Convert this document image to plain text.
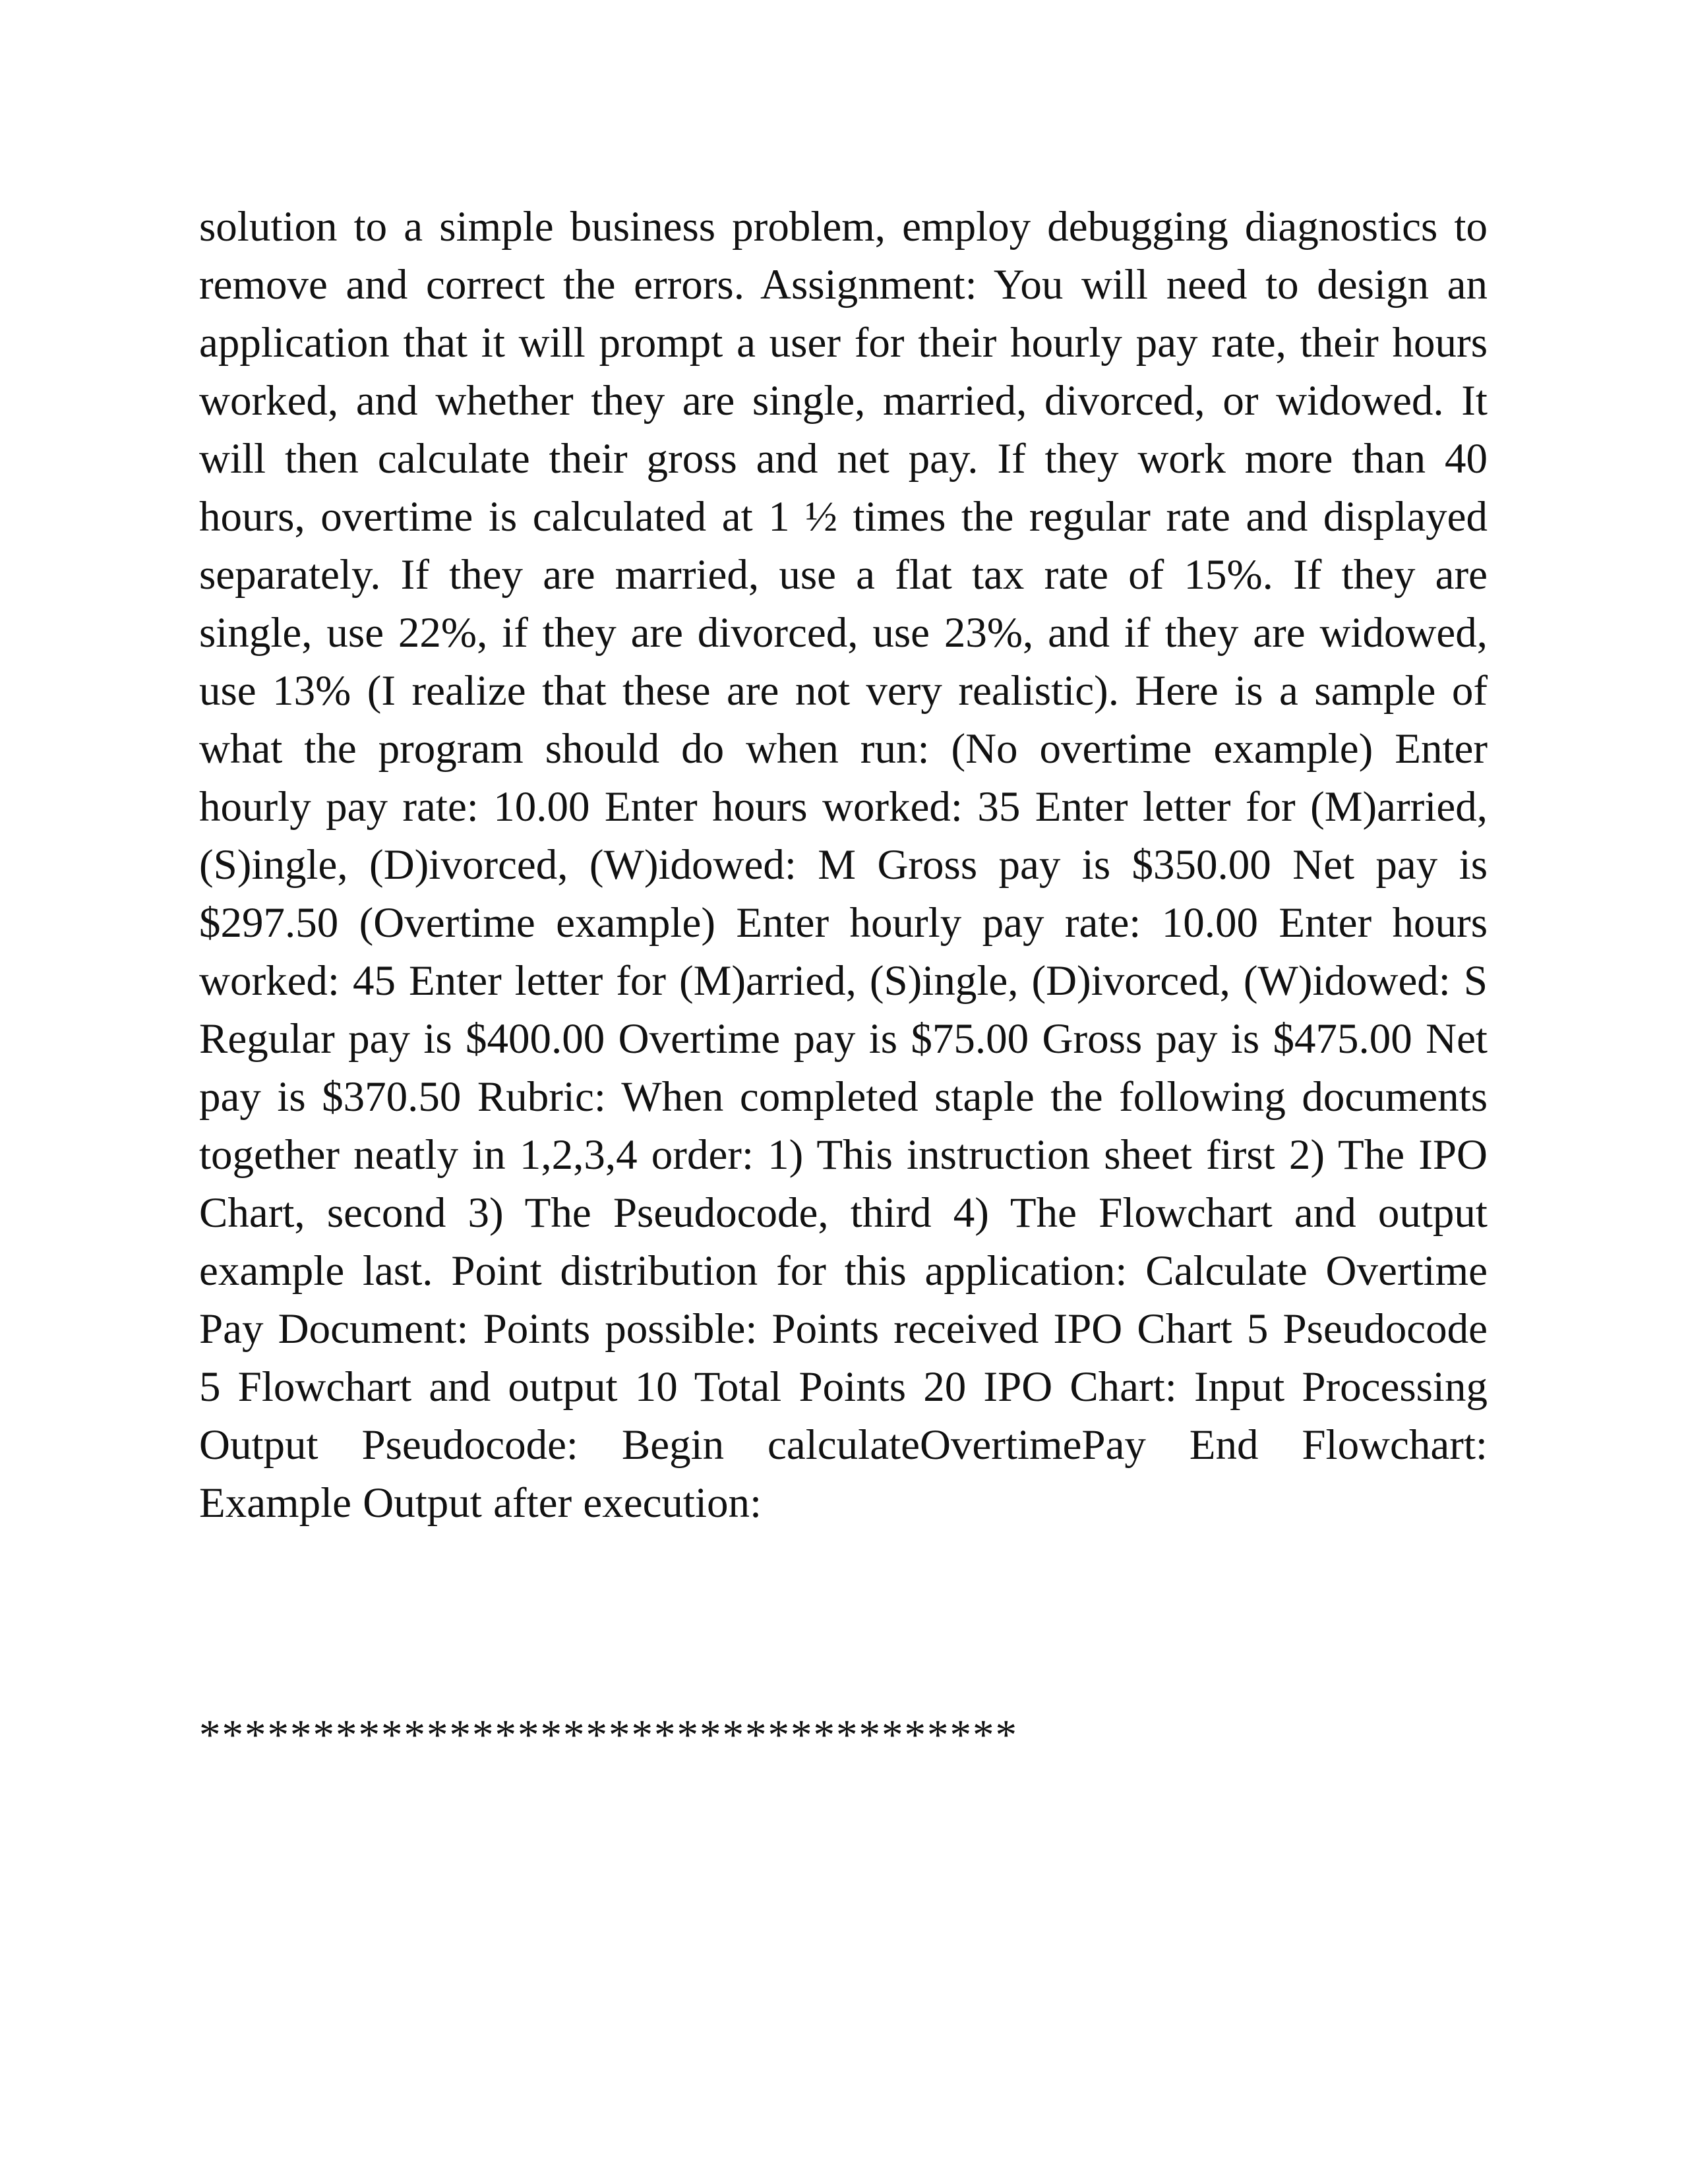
solution to a simple business problem, employ debugging diagnostics to remove and correct the errors. Assignment: You will need to design an application that it will prompt a user for their hourly pay rate, their hours worked, and whether they are single, married, divorced, or widowed. It will then calculate their gross and net pay. If they work more than 40 hours, overtime is calculated at 1 ½ times the regular rate and displayed separately. If they are married, use a flat tax rate of 15%. If they are single, use 22%, if they are divorced, use 23%, and if they are widowed, use 13% (I realize that these are not very realistic). Here is a sample of what the program should do when run: (No overtime example) Enter hourly pay rate: 10.00 Enter hours worked: 35 Enter letter for (M)arried, (S)ingle, (D)ivorced, (W)idowed: M Gross pay is $350.00 Net pay is $297.50 (Overtime example) Enter hourly pay rate: 10.00 Enter hours worked: 45 Enter letter for (M)arried, (S)ingle, (D)ivorced, (W)idowed: S Regular pay is $400.00 Overtime pay is $75.00 Gross pay is $475.00 Net pay is $370.50 Rubric: When completed staple the following documents together neatly in 1,2,3,4 order: 1) This instruction sheet first 2) The IPO Chart, second 3) The Pseudocode, third 4) The Flowchart and output example last. Point distribution for this application: Calculate Overtime Pay Document: Points possible: Points received IPO Chart 5 Pseudocode 5 Flowchart and output 10 Total Points 20 IPO Chart: Input Processing Output Pseudocode: Begin calculateOvertimePay End Flowchart: Example Output after execution:

************************************
